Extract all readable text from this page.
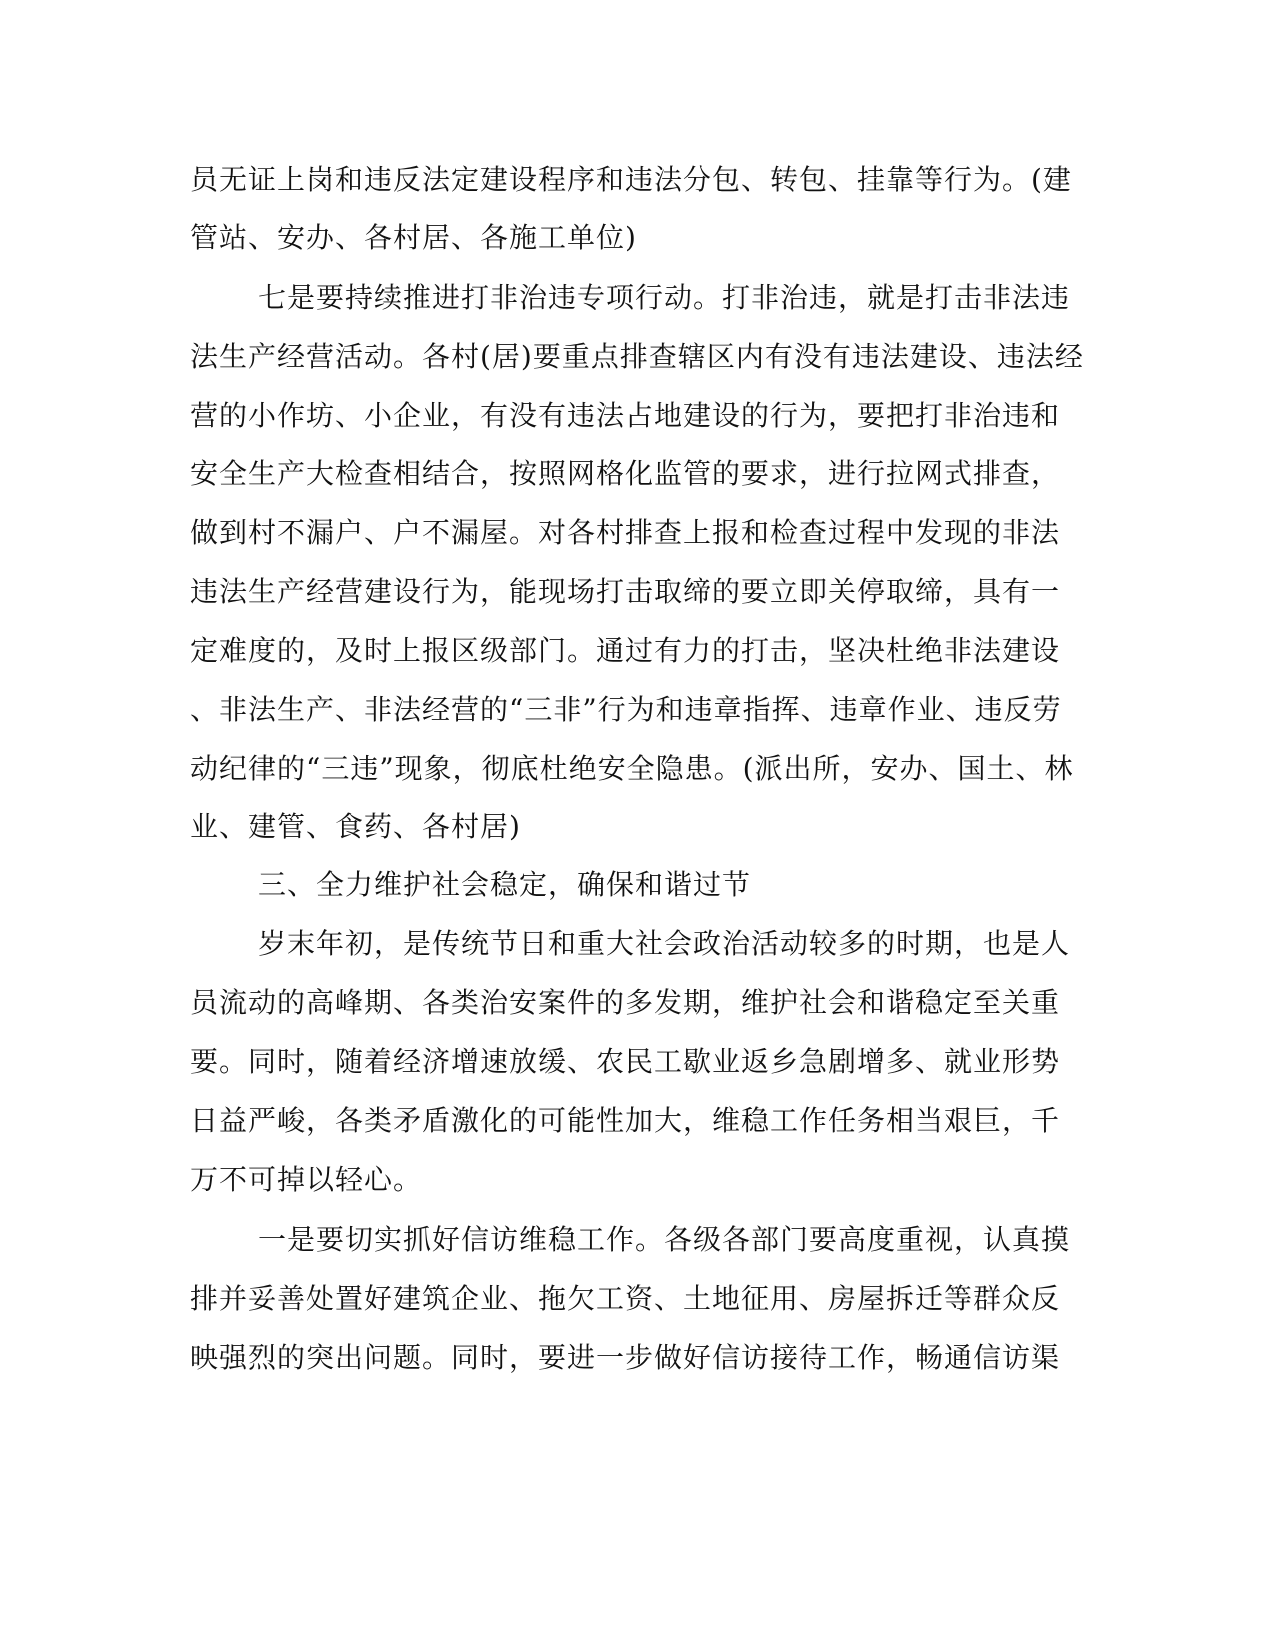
员无证上岗和违反法定建设程序和违法分包、转包、挂靠等行为。(建
管站、安办、各村居、各施工单位)
七是要持续推进打非治违专项行动。打非治违，就是打击非法违
法生产经营活动。各村(居)要重点排查辖区内有没有违法建设、违法经
营的小作坊、小企业，有没有违法占地建设的行为，要把打非治违和
安全生产大检查相结合，按照网格化监管的要求，进行拉网式排查，
做到村不漏户、户不漏屋。对各村排查上报和检查过程中发现的非法
违法生产经营建设行为，能现场打击取缔的要立即关停取缔，具有一
定难度的，及时上报区级部门。通过有力的打击，坚决杜绝非法建设
、非法生产、非法经营的“三非”行为和违章指挥、违章作业、违反劳
动纪律的“三违”现象，彻底杜绝安全隐患。(派出所，安办、国土、林
业、建管、食药、各村居)
三、全力维护社会稳定，确保和谐过节
岁末年初，是传统节日和重大社会政治活动较多的时期，也是人
员流动的高峰期、各类治安案件的多发期，维护社会和谐稳定至关重
要。同时，随着经济增速放缓、农民工歇业返乡急剧增多、就业形势
日益严峻，各类矛盾激化的可能性加大，维稳工作任务相当艰巨，千
万不可掉以轻心。
一是要切实抓好信访维稳工作。各级各部门要高度重视，认真摸
排并妥善处置好建筑企业、拖欠工资、土地征用、房屋拆迁等群众反
映强烈的突出问题。同时，要进一步做好信访接待工作，畅通信访渠
